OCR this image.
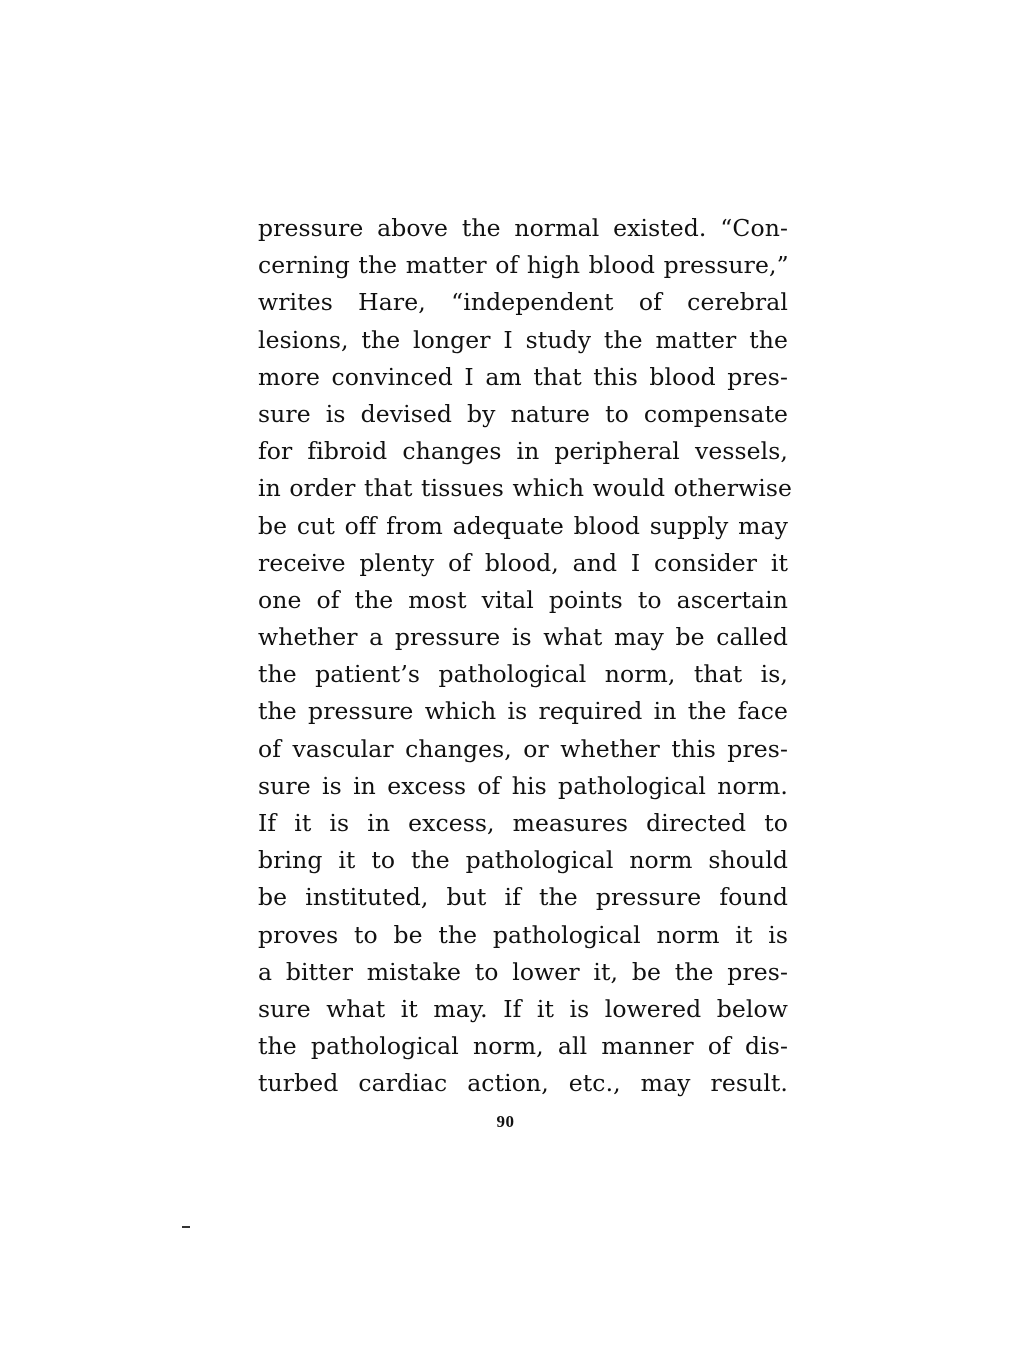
pressure above the normal existed. “Con-
cerning the matter of high blood pressure,”
writes Hare, “independent of cerebral
lesions, the longer I study the matter the
more convinced I am that this blood pres-
sure is devised by nature to compensate
for fibroid changes in peripheral vessels,
in order that tissues which would otherwise
be cut off from adequate blood supply may
receive plenty of blood, and I consider it
one of the most vital points to ascertain
whether a pressure is what may be called
the patient’s pathological norm, that is,
the pressure which is required in the face
of vascular changes, or whether this pres-
sure is in excess of his pathological norm.
If it is in excess, measures directed to
bring it to the pathological norm should
be instituted, but if the pressure found
proves to be the pathological norm it is
a bitter mistake to lower it, be the pres-
sure what it may. If it is lowered below
the pathological norm, all manner of dis-
turbed cardiac action, etc., may result.
90
